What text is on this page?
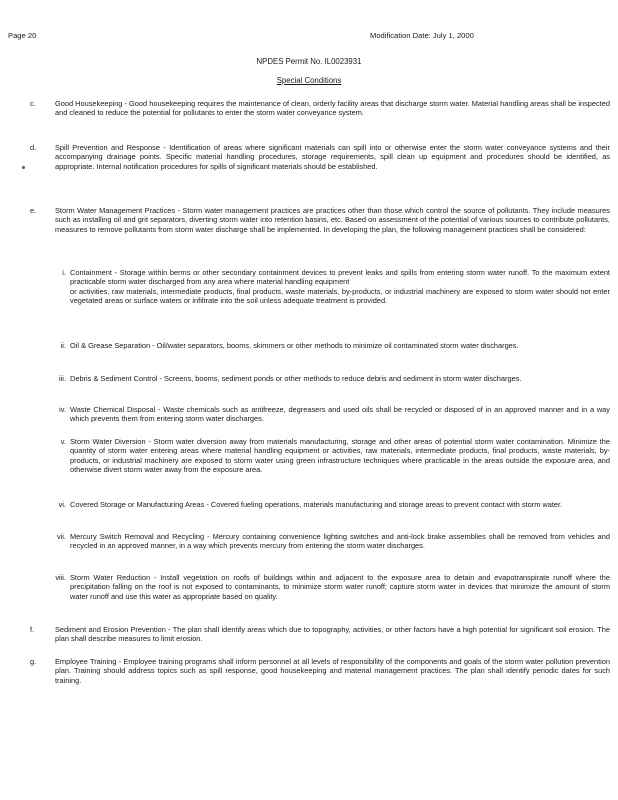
Page 20	Modification Date: July 1, 2000
NPDES Permit No. IL0023931
Special Conditions
c.	Good Housekeeping - Good housekeeping requires the maintenance of clean, orderly facility areas that discharge storm water. Material handling areas shall be inspected and cleaned to reduce the potential for pollutants to enter the storm water conveyance system.
d.	Spill Prevention and Response - Identification of areas where significant materials can spill into or otherwise enter the storm water conveyance systems and their accompanying drainage points. Specific material handling procedures, storage requirements, spill clean up equipment and procedures should be identified, as appropriate. Internal notification procedures for spills of significant materials should be established.
e.	Storm Water Management Practices - Storm water management practices are practices other than those which control the source of pollutants. They include measures such as installing oil and grit separators, diverting storm water into retention basins, etc. Based on assessment of the potential of various sources to contribute pollutants, measures to remove pollutants from storm water discharge shall be implemented. In developing the plan, the following management practices shall be considered:
i. Containment - Storage within berms or other secondary containment devices to prevent leaks and spills from entering storm water runoff. To the maximum extent practicable storm water discharged from any area where material handling equipment

or activities, raw materials, intermediate products, final products, waste materials, by-products, or industrial machinery are exposed to storm water should not enter vegetated areas or surface waters or infiltrate into the soil unless adequate treatment is provided.

ii. Oil & Grease Separation - Oil/water separators, booms, skimmers or other methods to minimize oil contaminated storm water discharges.

iii. Debris & Sediment Control - Screens, booms, sediment ponds or other methods to reduce debris and sediment in storm water discharges.

iv. Waste Chemical Disposal - Waste chemicals such as antifreeze, degreasers and used oils shall be recycled or disposed of in an approved manner and in a way which prevents them from entering storm water discharges.

v. Storm Water Diversion - Storm water diversion away from materials manufacturing, storage and other areas of potential storm water contamination. Minimize the quantity of storm water entering areas where material handling equipment or activities, raw materials, intermediate products, final products, waste materials, by-products, or industrial machinery are exposed to storm water using green infrastructure techniques where practicable in the areas outside the exposure area, and otherwise divert storm water away from the exposure area.

vi. Covered Storage or Manufacturing Areas - Covered fueling operations, materials manufacturing and storage areas to prevent contact with storm water.

vii. Mercury Switch Removal and Recycling - Mercury containing convenience lighting switches and anti-lock brake assemblies shall be removed from vehicles and recycled in an approved manner, in a way which prevents mercury from entering the storm water discharges.

viii. Storm Water Reduction - Install vegetation on roofs of buildings within and adjacent to the exposure area to detain and evapotranspirate runoff where the precipitation falling on the roof is not exposed to contaminants, to minimize storm water runoff; capture storm water in devices that minimize the amount of storm water runoff and use this water as appropriate based on quality.

f.	Sediment and Erosion Prevention - The plan shall identify areas which due to topography, activities, or other factors have a high potential for significant soil erosion. The plan shall describe measures to limit erosion.
g.	Employee Training - Employee training programs shall inform personnel at all levels of responsibility of the components and goals of the storm water pollution prevention plan. Training should address topics such as spill response, good housekeeping and material management practices. The plan shall identify periodic dates for such training.
